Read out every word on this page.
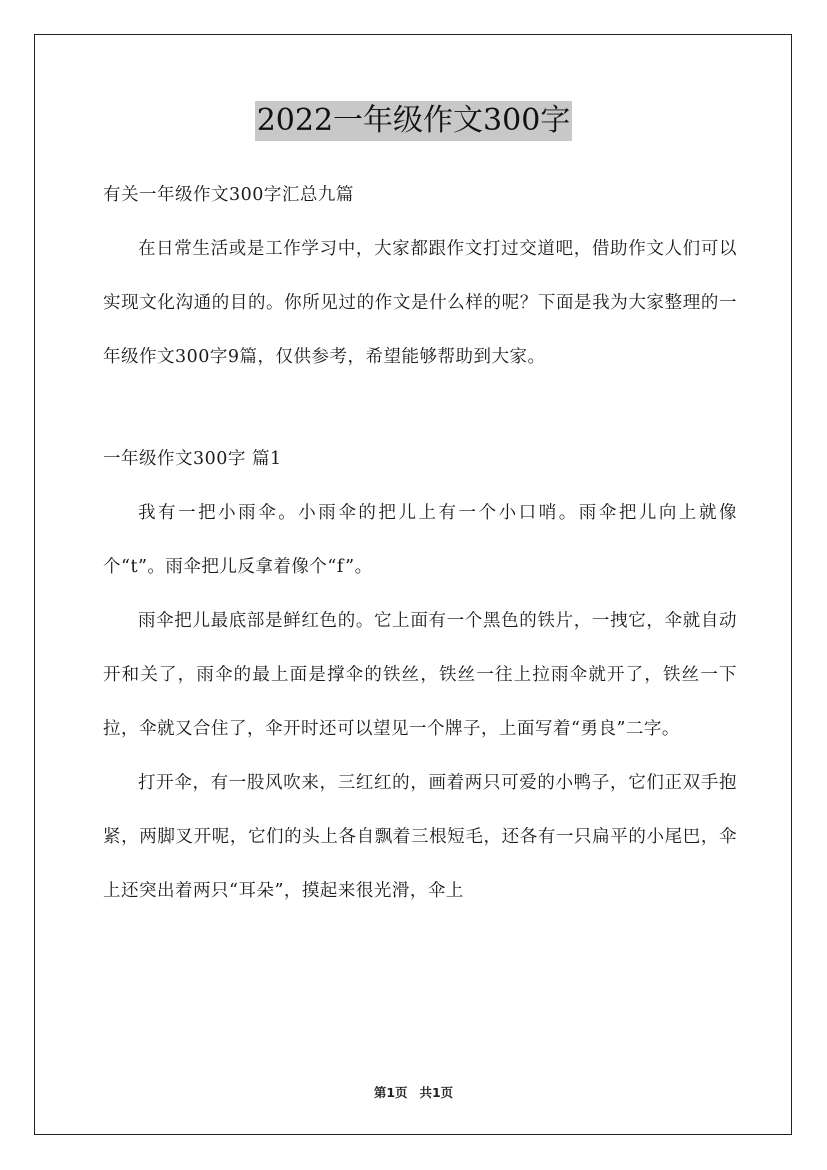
2022一年级作文300字

有关一年级作文300字汇总九篇

在日常生活或是工作学习中，大家都跟作文打过交道吧，借助作文人们可以实现文化沟通的目的。你所见过的作文是什么样的呢？下面是我为大家整理的一年级作文300字9篇，仅供参考，希望能够帮助到大家。

一年级作文300字 篇1

我有一把小雨伞。小雨伞的把儿上有一个小口哨。雨伞把儿向上就像个“t”。雨伞把儿反拿着像个“f”。

雨伞把儿最底部是鲜红色的。它上面有一个黑色的铁片，一拽它，伞就自动开和关了，雨伞的最上面是撑伞的铁丝，铁丝一往上拉雨伞就开了，铁丝一下拉，伞就又合住了，伞开时还可以望见一个牌子，上面写着“勇良”二字。

打开伞，有一股风吹来，三红红的，画着两只可爱的小鸭子，它们正双手抱紧，两脚叉开呢，它们的头上各自飘着三根短毛，还各有一只扁平的小尾巴，伞上还突出着两只“耳朵”，摸起来很光滑，伞上

第1页 共1页
